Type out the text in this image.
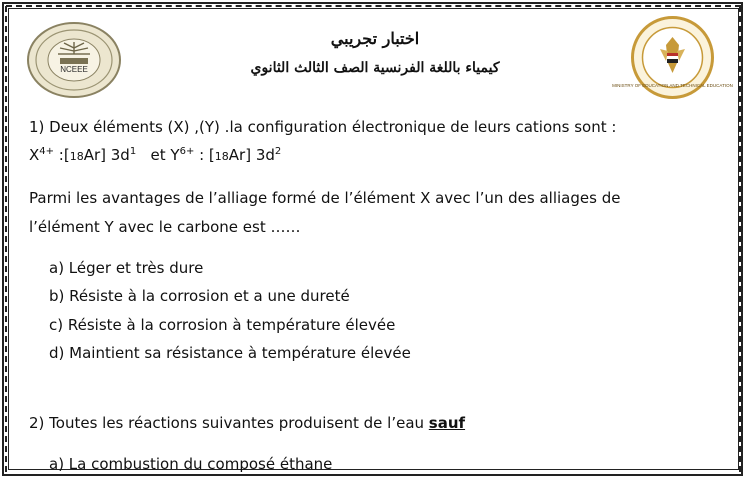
NCEEE
اختبار تجريبي
كيمياء باللغة الفرنسية الصف الثالث الثانوي
MINISTRY OF EDUCATION AND TECHNICAL EDUCATION
1) Deux éléments (X) ,(Y) .la configuration électronique de leurs cations sont :
$X^{4+}$ :[18Ar] $3d^1$ et $Y^{6+}$ : [18Ar] $3d^2$
Parmi les avantages de l’alliage formé de l’élément X avec l’un des alliages de
l’élément Y avec le carbone est ……
a) Léger et très dure
b) Résiste à la corrosion et a une dureté
c) Résiste à la corrosion à température élevée
d) Maintient sa résistance à température élevée
2) Toutes les réactions suivantes produisent de l’eau sauf
a) La combustion du composé éthane
